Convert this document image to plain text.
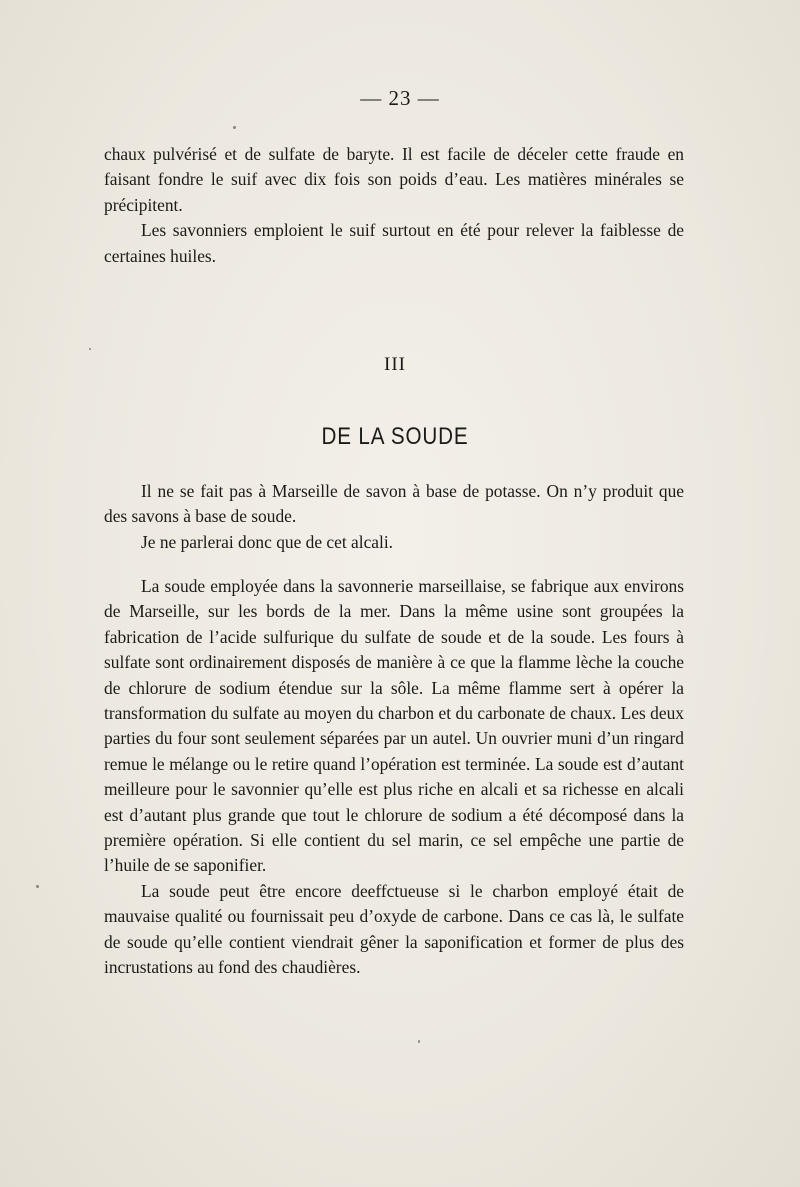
— 23 —

chaux pulvérisé et de sulfate de baryte. Il est facile de déceler cette fraude en faisant fondre le suif avec dix fois son poids d’eau. Les matières minérales se précipitent.

Les savonniers emploient le suif surtout en été pour relever la faiblesse de certaines huiles.

III
DE LA SOUDE

Il ne se fait pas à Marseille de savon à base de potasse. On n’y produit que des savons à base de soude.

Je ne parlerai donc que de cet alcali.

La soude employée dans la savonnerie marseillaise, se fabrique aux environs de Marseille, sur les bords de la mer. Dans la même usine sont groupées la fabrication de l’acide sulfurique du sulfate de soude et de la soude. Les fours à sulfate sont ordinairement disposés de manière à ce que la flamme lèche la couche de chlorure de sodium étendue sur la sôle. La même flamme sert à opérer la transformation du sulfate au moyen du charbon et du carbonate de chaux. Les deux parties du four sont seulement séparées par un autel. Un ouvrier muni d’un ringard remue le mélange ou le retire quand l’opération est terminée. La soude est d’autant meilleure pour le savonnier qu’elle est plus riche en alcali et sa richesse en alcali est d’autant plus grande que tout le chlorure de sodium a été décomposé dans la première opération. Si elle contient du sel marin, ce sel empêche une partie de l’huile de se saponifier.

La soude peut être encore deeffctueuse si le charbon employé était de mauvaise qualité ou fournissait peu d’oxyde de carbone. Dans ce cas là, le sulfate de soude qu’elle contient viendrait gêner la saponification et former de plus des incrustations au fond des chaudières.
